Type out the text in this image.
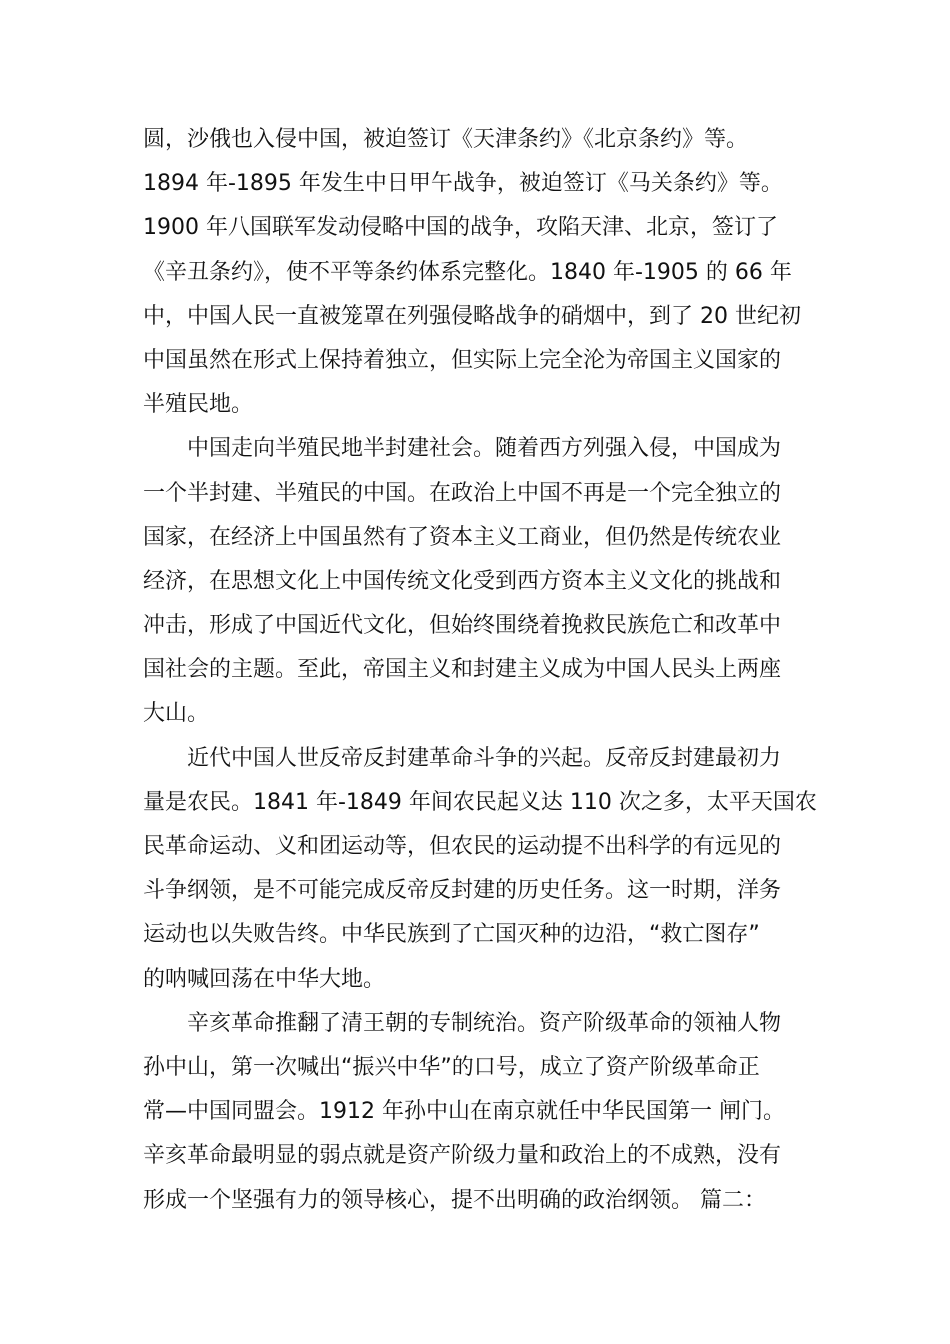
圆，沙俄也入侵中国，被迫签订《天津条约》《北京条约》等。
1894 年-1895 年发生中日甲午战争，被迫签订《马关条约》等。
1900 年八国联军发动侵略中国的战争，攻陷天津、北京，签订了
《辛丑条约》，使不平等条约体系完整化。1840 年-1905 的 66 年
中，中国人民一直被笼罩在列强侵略战争的硝烟中，到了 20 世纪初
中国虽然在形式上保持着独立，但实际上完全沦为帝国主义国家的
半殖民地。
中国走向半殖民地半封建社会。随着西方列强入侵，中国成为
一个半封建、半殖民的中国。在政治上中国不再是一个完全独立的
国家，在经济上中国虽然有了资本主义工商业，但仍然是传统农业
经济，在思想文化上中国传统文化受到西方资本主义文化的挑战和
冲击，形成了中国近代文化，但始终围绕着挽救民族危亡和改革中
国社会的主题。至此，帝国主义和封建主义成为中国人民头上两座
大山。
近代中国人世反帝反封建革命斗争的兴起。反帝反封建最初力
量是农民。1841 年-1849 年间农民起义达 110 次之多，太平天国农
民革命运动、义和团运动等，但农民的运动提不出科学的有远见的
斗争纲领，是不可能完成反帝反封建的历史任务。这一时期，洋务
运动也以失败告终。中华民族到了亡国灭种的边沿，“救亡图存”
的呐喊回荡在中华大地。
辛亥革命推翻了清王朝的专制统治。资产阶级革命的领袖人物
孙中山，第一次喊出“振兴中华”的口号，成立了资产阶级革命正
常—中国同盟会。1912 年孙中山在南京就任中华民国第一 闸门。
辛亥革命最明显的弱点就是资产阶级力量和政治上的不成熟，没有
形成一个坚强有力的领导核心，提不出明确的政治纲领。 篇二：
